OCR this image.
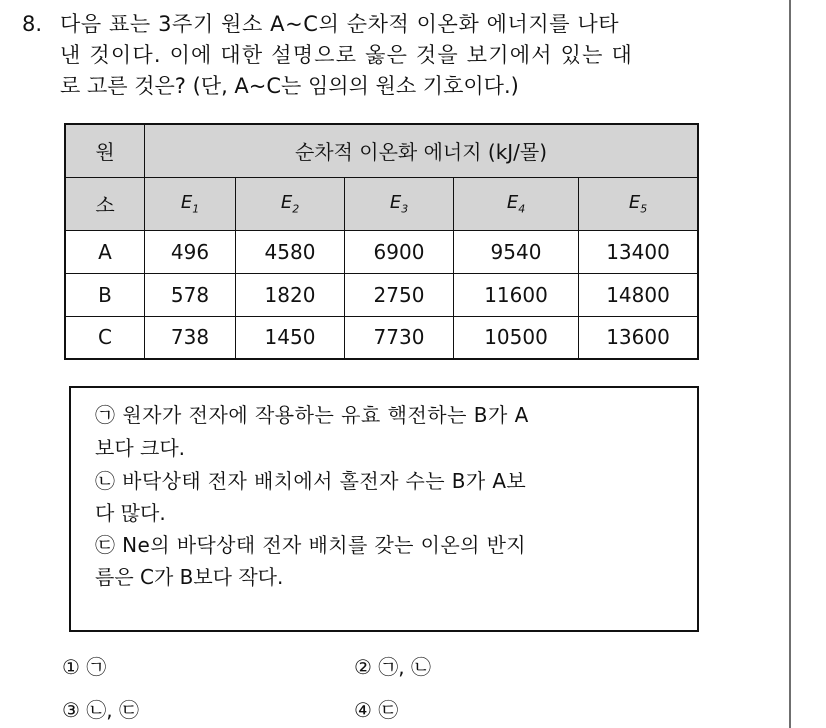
8. 다음 표는 3주기 원소 A~C의 순차적 이온화 에너지를 나타
낸 것이다. 이에 대한 설명으로 옳은 것을 보기에서 있는 대
로 고른 것은? (단, A~C는 임의의 원소 기호이다.)
원	순차적 이온화 에너지 (kJ/몰)				
소	$E_1$	$E_2$	$E_3$	$E_4$	$E_5$
A	496	4580	6900	9540	13400
B	578	1820	2750	11600	14800
C	738	1450	7730	10500	13600
㉠ 원자가 전자에 작용하는 유효 핵전하는 B가 A
보다 크다.
㉡ 바닥상태 전자 배치에서 홀전자 수는 B가 A보
다 많다.
㉢ Ne의 바닥상태 전자 배치를 갖는 이온의 반지
름은 C가 B보다 작다.
① ㉠	② ㉠, ㉡
③ ㉡, ㉢	④ ㉢
